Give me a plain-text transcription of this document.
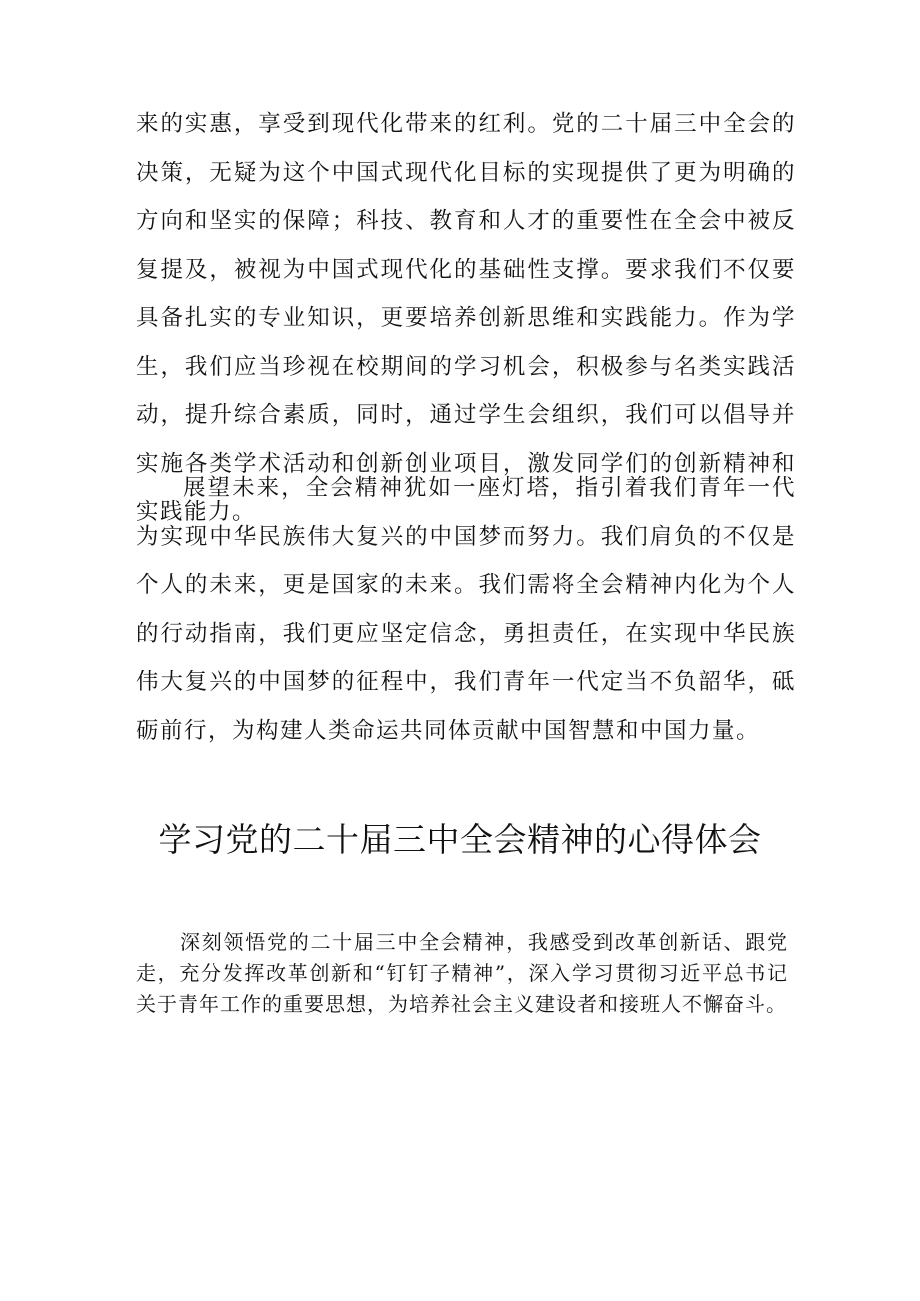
来的实惠，享受到现代化带来的红利。党的二十届三中全会的决策，无疑为这个中国式现代化目标的实现提供了更为明确的方向和坚实的保障；科技、教育和人才的重要性在全会中被反复提及，被视为中国式现代化的基础性支撑。要求我们不仅要具备扎实的专业知识，更要培养创新思维和实践能力。作为学生，我们应当珍视在校期间的学习机会，积极参与名类实践活动，提升综合素质，同时，通过学生会组织，我们可以倡导并实施各类学术活动和创新创业项目，激发同学们的创新精神和实践能力。

展望未来，全会精神犹如一座灯塔，指引着我们青年一代为实现中华民族伟大复兴的中国梦而努力。我们肩负的不仅是个人的未来，更是国家的未来。我们需将全会精神内化为个人的行动指南，我们更应坚定信念，勇担责任，在实现中华民族伟大复兴的中国梦的征程中，我们青年一代定当不负韶华，砥砺前行，为构建人类命运共同体贡献中国智慧和中国力量。

学习党的二十届三中全会精神的心得体会

深刻领悟党的二十届三中全会精神，我感受到改革创新话、跟党走，充分发挥改革创新和“钉钉子精神”，深入学习贯彻习近平总书记关于青年工作的重要思想，为培养社会主义建设者和接班人不懈奋斗。
